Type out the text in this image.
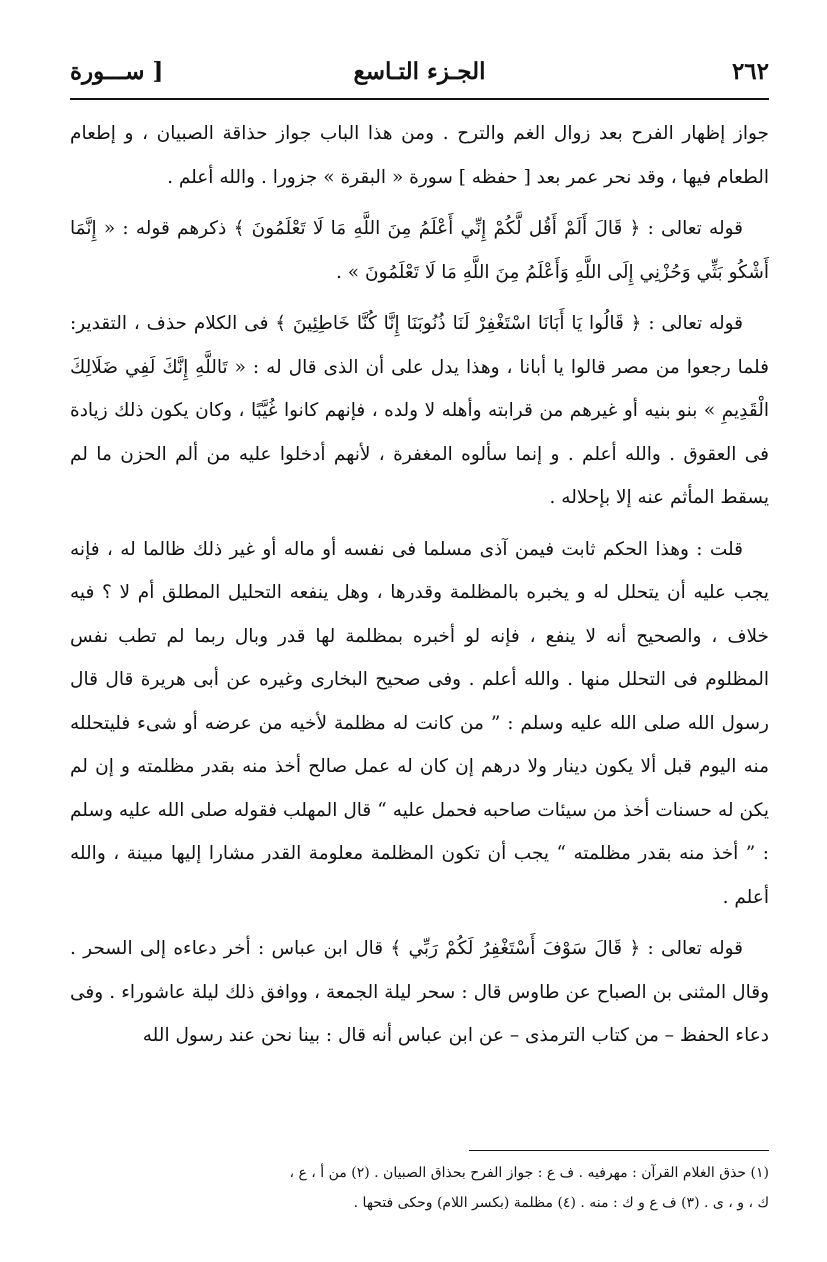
٢٦٢
الجـزء التـاسع
[ ســـورة

جواز إظهار الفرح بعد زوال الغم والترح . ومن هذا الباب جواز حذاقة الصبيان ، و إطعام الطعام فيها ، وقد نحر عمر بعد [ حفظه ] سورة « البقرة » جزورا . والله أعلم .

قوله تعالى : ﴿ قَالَ أَلَمْ أَقُل لَّكُمْ إِنِّي أَعْلَمُ مِنَ اللَّهِ مَا لَا تَعْلَمُونَ ﴾ ذكرهم قوله : « إِنَّمَا أَشْكُو بَثِّي وَحُزْنِي إِلَى اللَّهِ وَأَعْلَمُ مِنَ اللَّهِ مَا لَا تَعْلَمُونَ » .

قوله تعالى : ﴿ قَالُوا يَا أَبَانَا اسْتَغْفِرْ لَنَا ذُنُوبَنَا إِنَّا كُنَّا خَاطِئِينَ ﴾ فى الكلام حذف ، التقدير: فلما رجعوا من مصر قالوا يا أبانا ، وهذا يدل على أن الذى قال له : « تَاللَّهِ إِنَّكَ لَفِي ضَلَالِكَ الْقَدِيمِ » بنو بنيه أو غيرهم من قرابته وأهله لا ولده ، فإنهم كانوا غُيَّبًا ، وكان يكون ذلك زيادة فى العقوق . والله أعلم . و إنما سألوه المغفرة ، لأنهم أدخلوا عليه من ألم الحزن ما لم يسقط المأثم عنه إلا بإحلاله .

قلت : وهذا الحكم ثابت فيمن آذى مسلما فى نفسه أو ماله أو غير ذلك ظالما له ، فإنه يجب عليه أن يتحلل له و يخبره بالمظلمة وقدرها ، وهل ينفعه التحليل المطلق أم لا ؟ فيه خلاف ، والصحيح أنه لا ينفع ، فإنه لو أخبره بمظلمة لها قدر وبال ربما لم تطب نفس المظلوم فى التحلل منها . والله أعلم . وفى صحيح البخارى وغيره عن أبى هريرة قال قال رسول الله صلى الله عليه وسلم : ” من كانت له مظلمة لأخيه من عرضه أو شىء فليتحلله منه اليوم قبل ألا يكون دينار ولا درهم إن كان له عمل صالح أخذ منه بقدر مظلمته و إن لم يكن له حسنات أخذ من سيئات صاحبه فحمل عليه “ قال المهلب فقوله صلى الله عليه وسلم : ” أخذ منه بقدر مظلمته “ يجب أن تكون المظلمة معلومة القدر مشارا إليها مبينة ، والله أعلم .

قوله تعالى : ﴿ قَالَ سَوْفَ أَسْتَغْفِرُ لَكُمْ رَبِّي ﴾ قال ابن عباس : أخر دعاءه إلى السحر . وقال المثنى بن الصباح عن طاوس قال : سحر ليلة الجمعة ، ووافق ذلك ليلة عاشوراء . وفى دعاء الحفظ – من كتاب الترمذى – عن ابن عباس أنه قال : بينا نحن عند رسول الله

(١) حذق الغلام القرآن : مهرفيه . ف ع : جواز الفرح بحذاق الصبيان . (٢) من أ ، ع ،
ك ، و ، ى . (٣) ف ع و ك : منه . (٤) مظلمة (بكسر اللام) وحكى فتحها .
